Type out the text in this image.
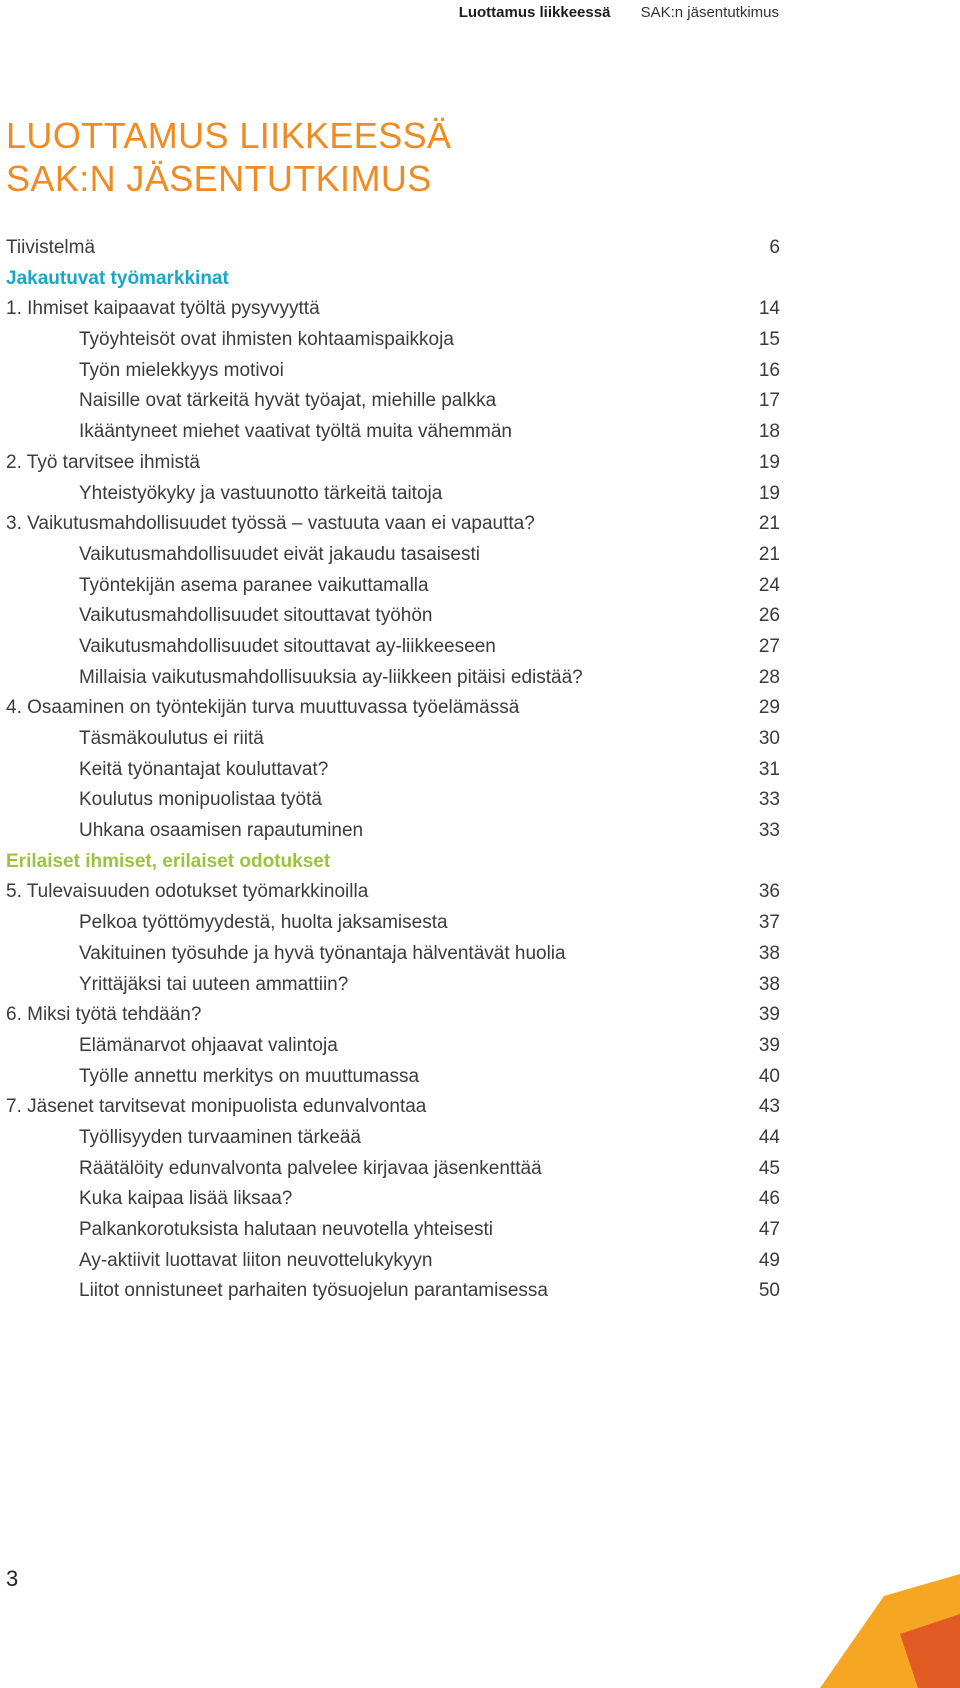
Luottamus liikkeessä SAK:n jäsentutkimus
LUOTTAMUS LIIKKEESSÄ
SAK:N JÄSENTUTKIMUS
Tiivistelmä	6
Jakautuvat työmarkkinat
1. Ihmiset kaipaavat työltä pysyvyyttä	14
Työyhteisöt ovat ihmisten kohtaamispaikkoja	15
Työn mielekkyys motivoi	16
Naisille ovat tärkeitä hyvät työajat, miehille palkka	17
Ikääntyneet miehet vaativat työltä muita vähemmän	18
2. Työ tarvitsee ihmistä	19
Yhteistyökyky ja vastuunotto tärkeitä taitoja	19
3. Vaikutusmahdollisuudet työssä – vastuuta vaan ei vapautta?	21
Vaikutusmahdollisuudet eivät jakaudu tasaisesti	21
Työntekijän asema paranee vaikuttamalla	24
Vaikutusmahdollisuudet sitouttavat työhön	26
Vaikutusmahdollisuudet sitouttavat ay-liikkeeseen	27
Millaisia vaikutusmahdollisuuksia ay-liikkeen pitäisi edistää?	28
4. Osaaminen on työntekijän turva muuttuvassa työelämässä	29
Täsmäkoulutus ei riitä	30
Keitä työnantajat kouluttavat?	31
Koulutus monipuolistaa työtä	33
Uhkana osaamisen rapautuminen	33
Erilaiset ihmiset, erilaiset odotukset
5. Tulevaisuuden odotukset työmarkkinoilla	36
Pelkoa työttömyydestä, huolta jaksamisesta	37
Vakituinen työsuhde ja hyvä työnantaja hälventävät huolia	38
Yrittäjäksi tai uuteen ammattiin?	38
6. Miksi työtä tehdään?	39
Elämänarvot ohjaavat valintoja	39
Työlle annettu merkitys on muuttumassa	40
7. Jäsenet tarvitsevat monipuolista edunvalvontaa	43
Työllisyyden turvaaminen tärkeää	44
Räätälöity edunvalvonta palvelee kirjavaa jäsenkenttää	45
Kuka kaipaa lisää liksaa?	46
Palkankorotuksista halutaan neuvotella yhteisesti	47
Ay-aktiivit luottavat liiton neuvottelukykyyn	49
Liitot onnistuneet parhaiten työsuojelun parantamisessa	50
3
